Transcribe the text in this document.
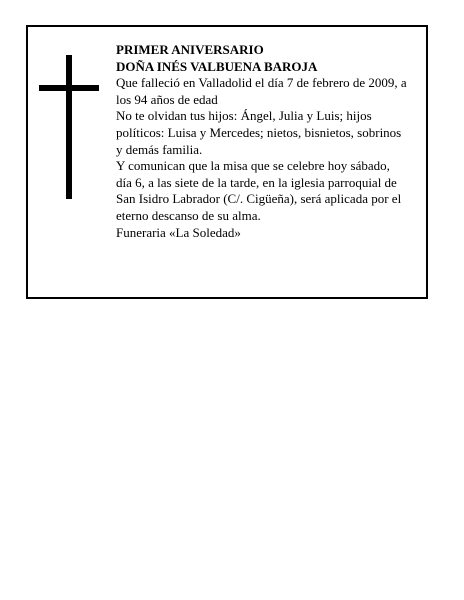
PRIMER ANIVERSARIO

DOÑA INÉS VALBUENA BAROJA

Que falleció en Valladolid el día 7 de febrero de 2009, a

los 94 años de edad

No te olvidan tus hijos: Ángel, Julia y Luis; hijos

políticos: Luisa y Mercedes; nietos, bisnietos, sobrinos

y demás familia.

Y comunican que la misa que se celebre hoy sábado,

día 6, a las siete de la tarde, en la iglesia parroquial de

San Isidro Labrador (C/. Cigüeña), será aplicada por el

eterno descanso de su alma.

Funeraria «La Soledad»
